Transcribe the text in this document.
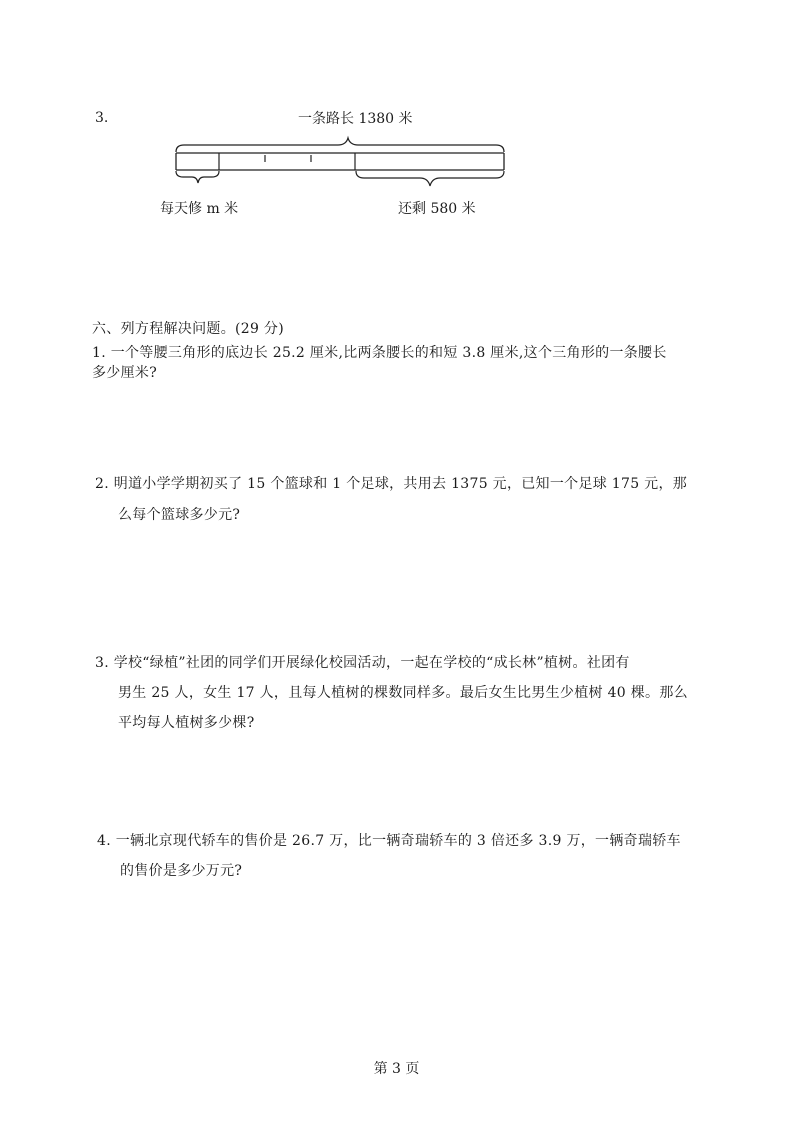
3.	一条路长 1380 米
每天修 m 米	还剩 580 米
六、列方程解决问题。(29 分)
1. 一个等腰三角形的底边长 25.2 厘米,比两条腰长的和短 3.8 厘米,这个三角形的一条腰长
多少厘米?
2. 明道小学学期初买了 15 个篮球和 1 个足球，共用去 1375 元，已知一个足球 175 元，那
么每个篮球多少元?
3. 学校“绿植”社团的同学们开展绿化校园活动，一起在学校的“成长林”植树。社团有
男生 25 人，女生 17 人，且每人植树的棵数同样多。最后女生比男生少植树 40 棵。那么
平均每人植树多少棵?
4. 一辆北京现代轿车的售价是 26.7 万，比一辆奇瑞轿车的 3 倍还多 3.9 万，一辆奇瑞轿车
的售价是多少万元?
第 3 页
